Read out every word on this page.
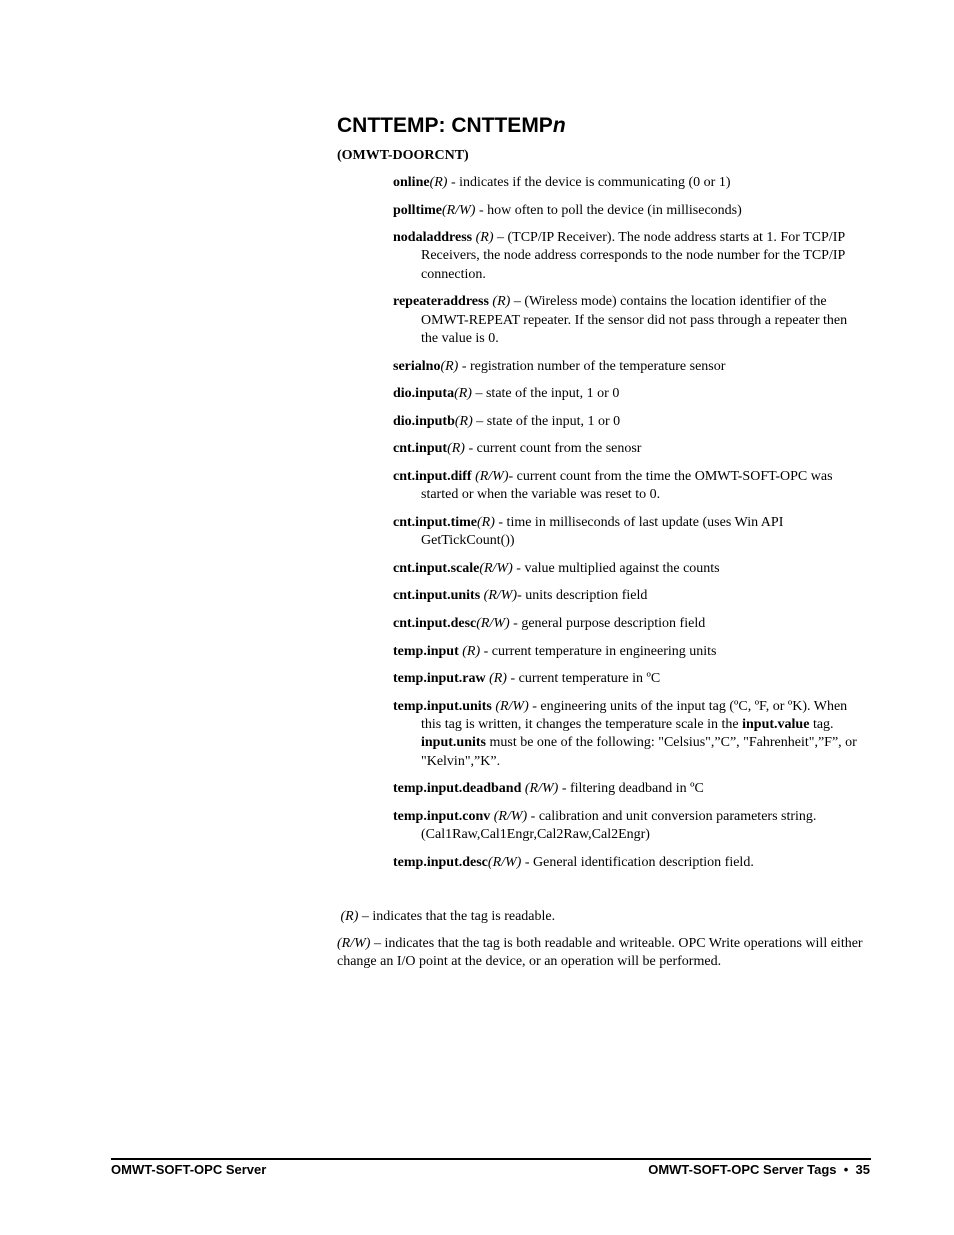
CNTTEMP: CNTTEMPn
(OMWT-DOORCNT)
online(R) - indicates if the device is communicating (0 or 1)
polltime(R/W) - how often to poll the device (in milliseconds)
nodaladdress (R) – (TCP/IP Receiver). The node address starts at 1. For TCP/IP Receivers, the node address corresponds to the node number for the TCP/IP connection.
repeateraddress (R) – (Wireless mode) contains the location identifier of the OMWT-REPEAT repeater. If the sensor did not pass through a repeater then the value is 0.
serialno(R) - registration number of the temperature sensor
dio.inputa(R) – state of the input, 1 or 0
dio.inputb(R) – state of the input, 1 or 0
cnt.input(R) - current count from the senosr
cnt.input.diff (R/W)- current count from the time the OMWT-SOFT-OPC was started or when the variable was reset to 0.
cnt.input.time(R) - time in milliseconds of last update (uses Win API GetTickCount())
cnt.input.scale(R/W) - value multiplied against the counts
cnt.input.units (R/W)- units description field
cnt.input.desc(R/W) - general purpose description field
temp.input (R) - current temperature in engineering units
temp.input.raw (R) - current temperature in ºC
temp.input.units (R/W) - engineering units of the input tag (ºC, ºF, or ºK). When this tag is written, it changes the temperature scale in the input.value tag. input.units must be one of the following: "Celsius",”C”, "Fahrenheit",”F”, or "Kelvin",”K”.
temp.input.deadband (R/W) - filtering deadband in ºC
temp.input.conv (R/W) - calibration and unit conversion parameters string. (Cal1Raw,Cal1Engr,Cal2Raw,Cal2Engr)
temp.input.desc(R/W) - General identification description field.

(R) – indicates that the tag is readable.

(R/W) – indicates that the tag is both readable and writeable. OPC Write operations will either change an I/O point at the device, or an operation will be performed.

OMWT-SOFT-OPC Server	OMWT-SOFT-OPC Server Tags • 35
